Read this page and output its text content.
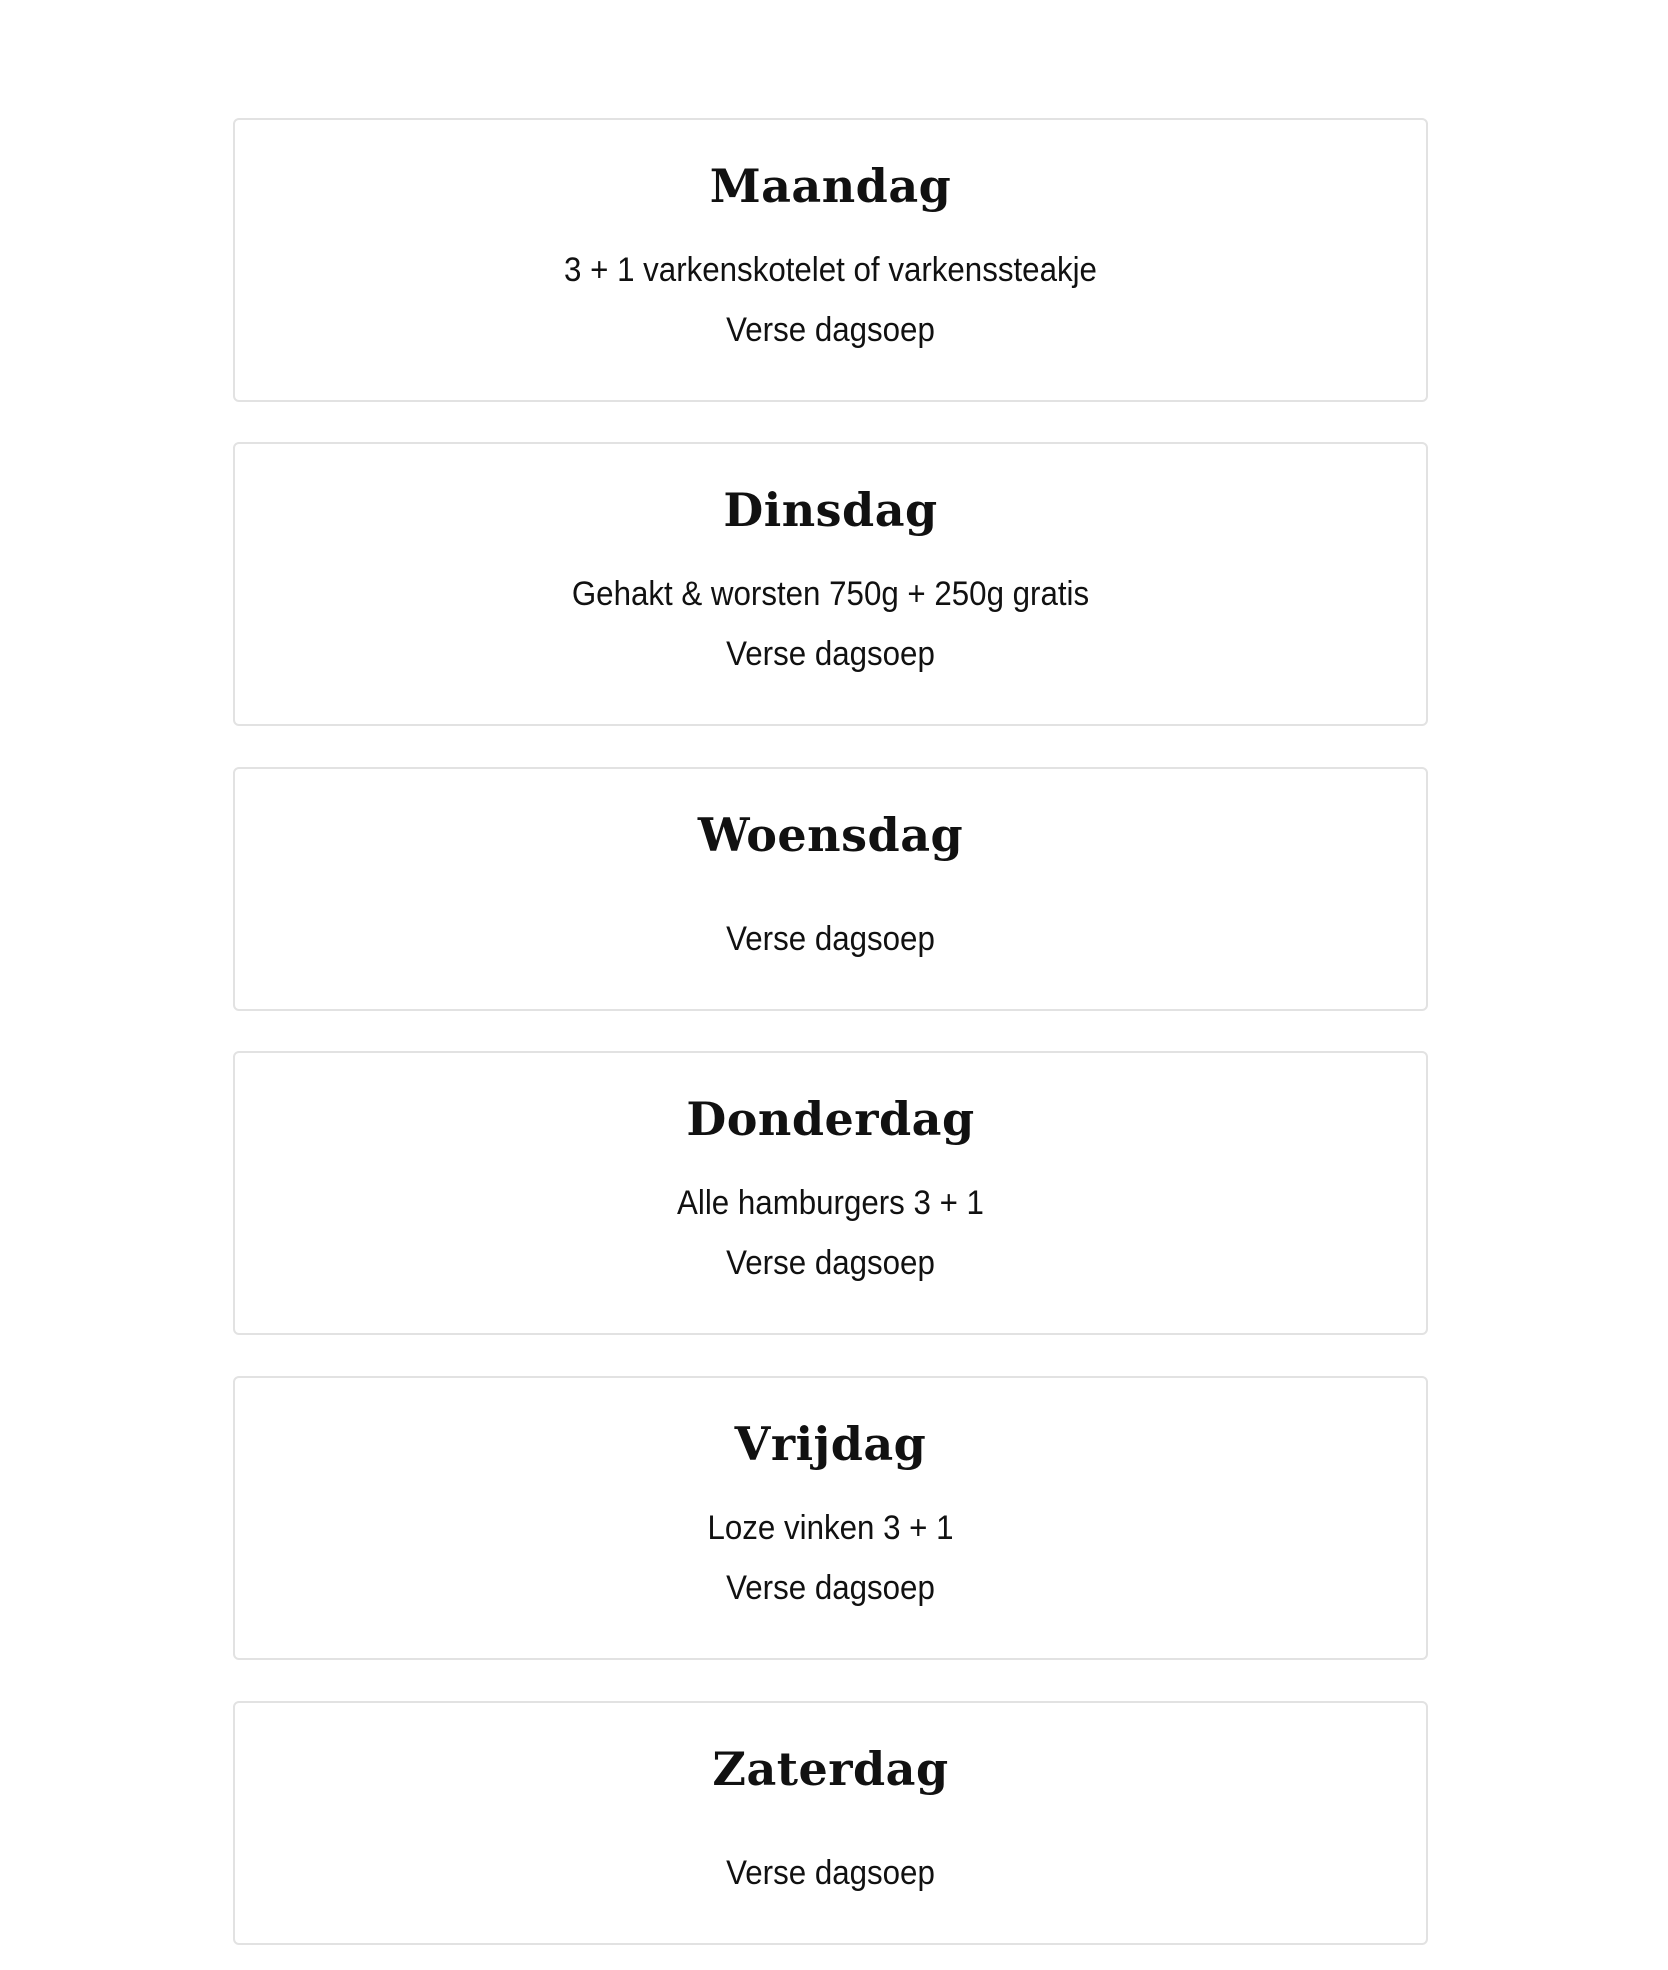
Maandag

3 + 1 varkenskotelet of varkenssteakje

Verse dagsoep

Dinsdag

Gehakt & worsten 750g + 250g gratis

Verse dagsoep

Woensdag

Verse dagsoep

Donderdag

Alle hamburgers 3 + 1

Verse dagsoep

Vrijdag

Loze vinken 3 + 1

Verse dagsoep

Zaterdag

Verse dagsoep
